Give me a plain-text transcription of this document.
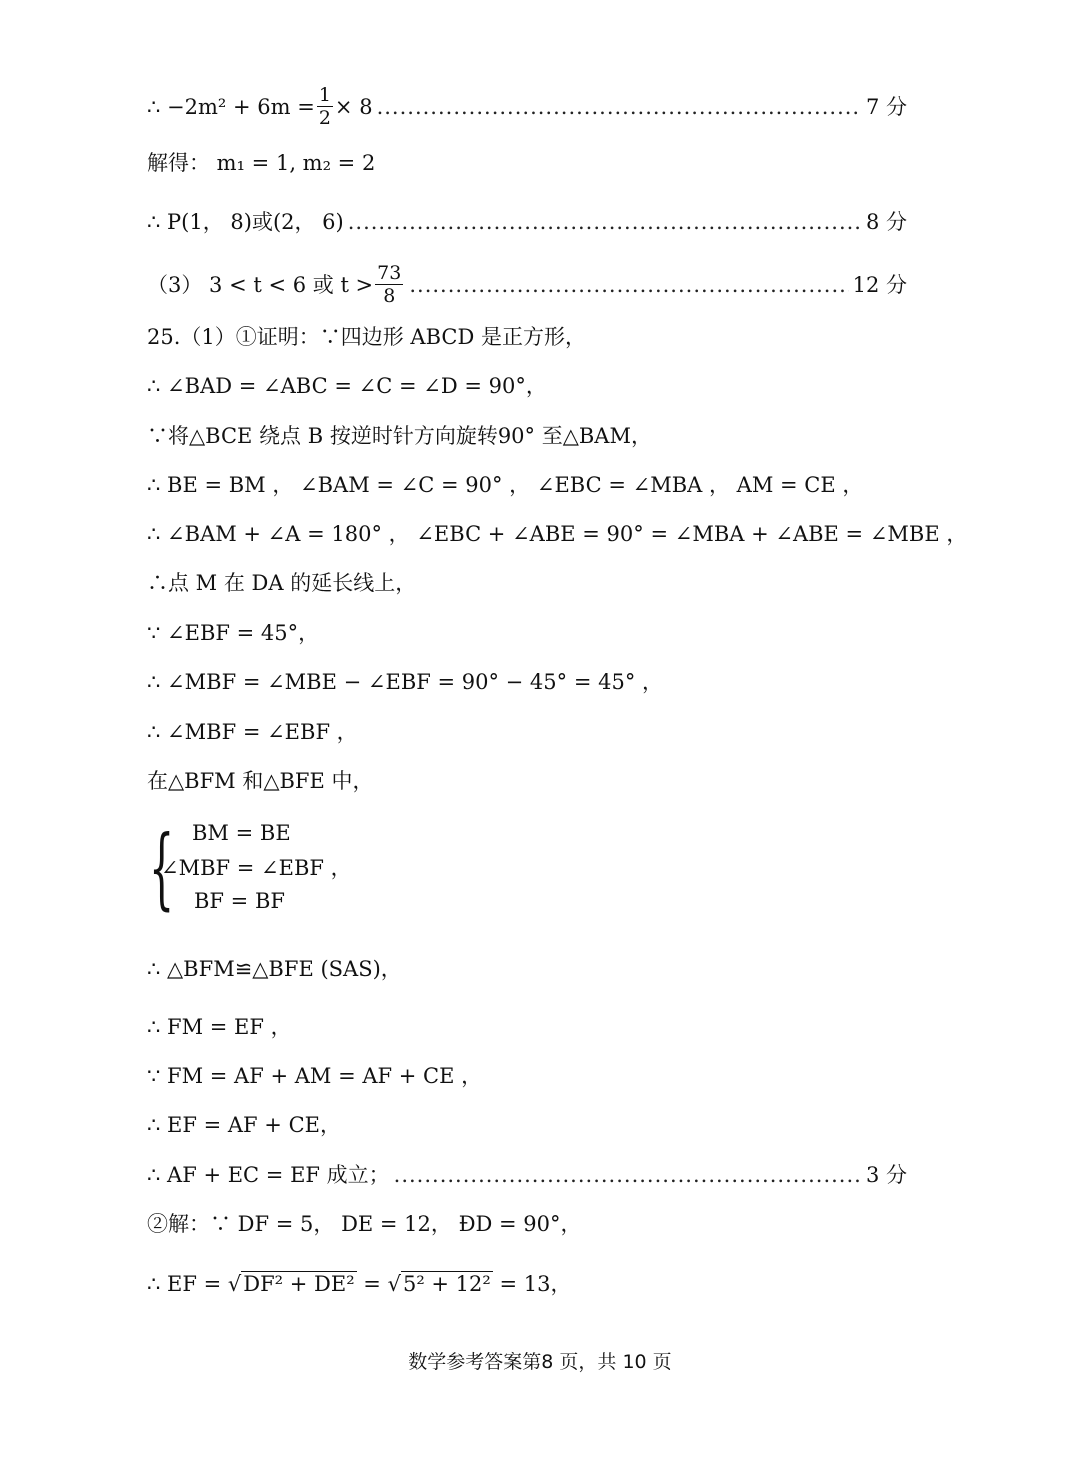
∴ $-2m^2 + 6m = \frac{1}{2} \times 8$ .....	7 分
解得： m₁ = 1, m₂ = 2
∴ P(1， 8)或(2， 6) .....	8 分
（3） 3 < t < 6 或 $t > \frac{73}{8}$ .....	12 分
25.（1）①证明：∵四边形 ABCD 是正方形，
∴ ∠BAD = ∠ABC = ∠C = ∠D = 90°，
∵将△BCE 绕点 B 按逆时针方向旋转90° 至△BAM，
∴ BE = BM ， ∠BAM = ∠C = 90° ， ∠EBC = ∠MBA ， AM = CE ，
∴ ∠BAM + ∠A = 180° ， ∠EBC + ∠ABE = 90° = ∠MBA + ∠ABE = ∠MBE ，
∴点 M 在 DA 的延长线上，
∵ ∠EBF = 45°，
∴ ∠MBF = ∠MBE − ∠EBF = 90° − 45° = 45° ，
∴ ∠MBF = ∠EBF ，
在△BFM 和△BFE 中，
{ BM = BE
∠MBF = ∠EBF ，
BF = BF
∴ △BFM≌△BFE (SAS)，
∴ FM = EF ，
∵ FM = AF + AM = AF + CE ，
∴ EF = AF + CE，
∴ AF + EC = EF 成立； .....	3 分
②解：∵ DF = 5， DE = 12， ÐD = 90°，
∴ EF = √DF² + DE² = √5² + 12² = 13，
数学参考答案第8 页，共 10 页
